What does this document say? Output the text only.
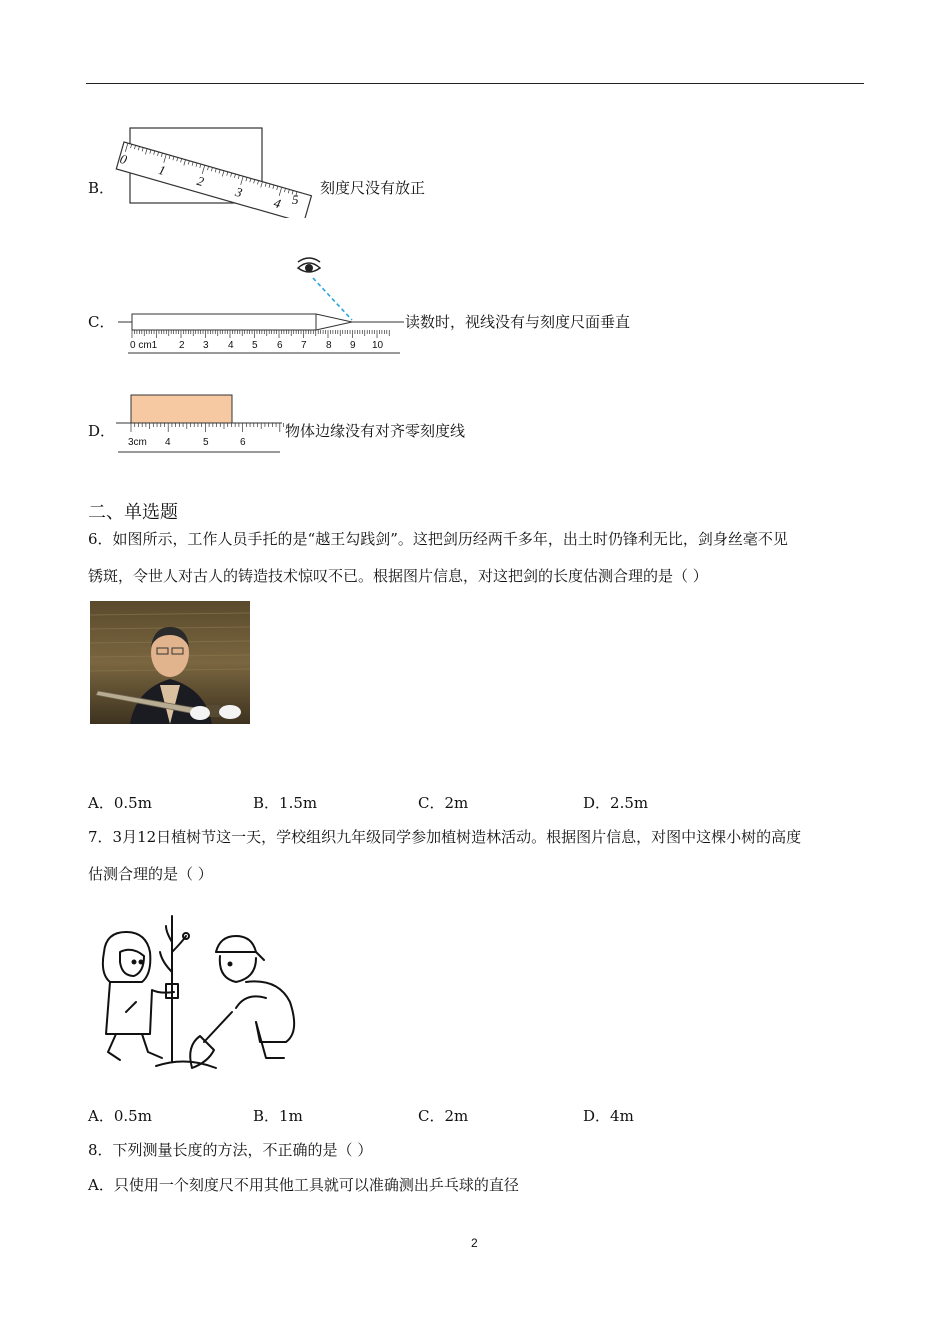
B．
0
1
2
3
4 5
刻度尺没有放正
C．
0 cm1 2 3 4 5 6 7 8 9 10
读数时，视线没有与刻度尺面垂直
D．
3cm 4	5	6
物体边缘没有对齐零刻度线
二、单选题
6．如图所示，工作人员手托的是“越王勾践剑”。这把剑历经两千多年，出土时仍锋利无比，剑身丝毫不见
锈斑，令世人对古人的铸造技术惊叹不已。根据图片信息，对这把剑的长度估测合理的是（ ）
A．0.5m	B．1.5m	C．2m	D．2.5m
7．3月12日植树节这一天，学校组织九年级同学参加植树造林活动。根据图片信息，对图中这棵小树的高度
估测合理的是（ ）
A．0.5m	B．1m	C．2m	D．4m
8．下列测量长度的方法，不正确的是（ ）
A．只使用一个刻度尺不用其他工具就可以准确测出乒乓球的直径
2
